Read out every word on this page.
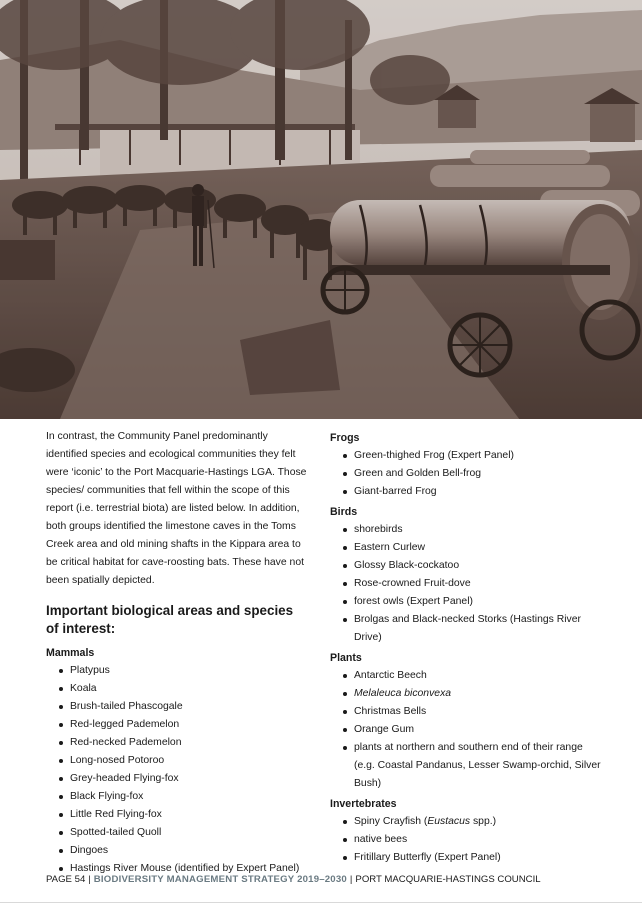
In contrast, the Community Panel predominantly identified species and ecological communities they felt were ‘iconic’ to the Port Macquarie-Hastings LGA. Those species/ communities that fell within the scope of this report (i.e. terrestrial biota) are listed below. In addition, both groups identified the limestone caves in the Toms Creek area and old mining shafts in the Kippara area to be critical habitat for cave-roosting bats. These have not been spatially depicted.

Important biological areas and species of interest:
Mammals
Platypus
Koala
Brush-tailed Phascogale
Red-legged Pademelon
Red-necked Pademelon
Long-nosed Potoroo
Grey-headed Flying-fox
Black Flying-fox
Little Red Flying-fox
Spotted-tailed Quoll
Dingoes
Hastings River Mouse (identified by Expert Panel)
Frogs
Green-thighed Frog (Expert Panel)
Green and Golden Bell-frog
Giant-barred Frog
Birds
shorebirds
Eastern Curlew
Glossy Black-cockatoo
Rose-crowned Fruit-dove
forest owls (Expert Panel)
Brolgas and Black-necked Storks (Hastings River Drive)
Plants
Antarctic Beech
Melaleuca biconvexa
Christmas Bells
Orange Gum
plants at northern and southern end of their range (e.g. Coastal Pandanus, Lesser Swamp-orchid, Silver Bush)
Invertebrates
Spiny Crayfish (Eustacus spp.)
native bees
Fritillary Butterfly (Expert Panel)
PAGE 54 | BIODIVERSITY MANAGEMENT STRATEGY 2019–2030 | PORT MACQUARIE-HASTINGS COUNCIL
